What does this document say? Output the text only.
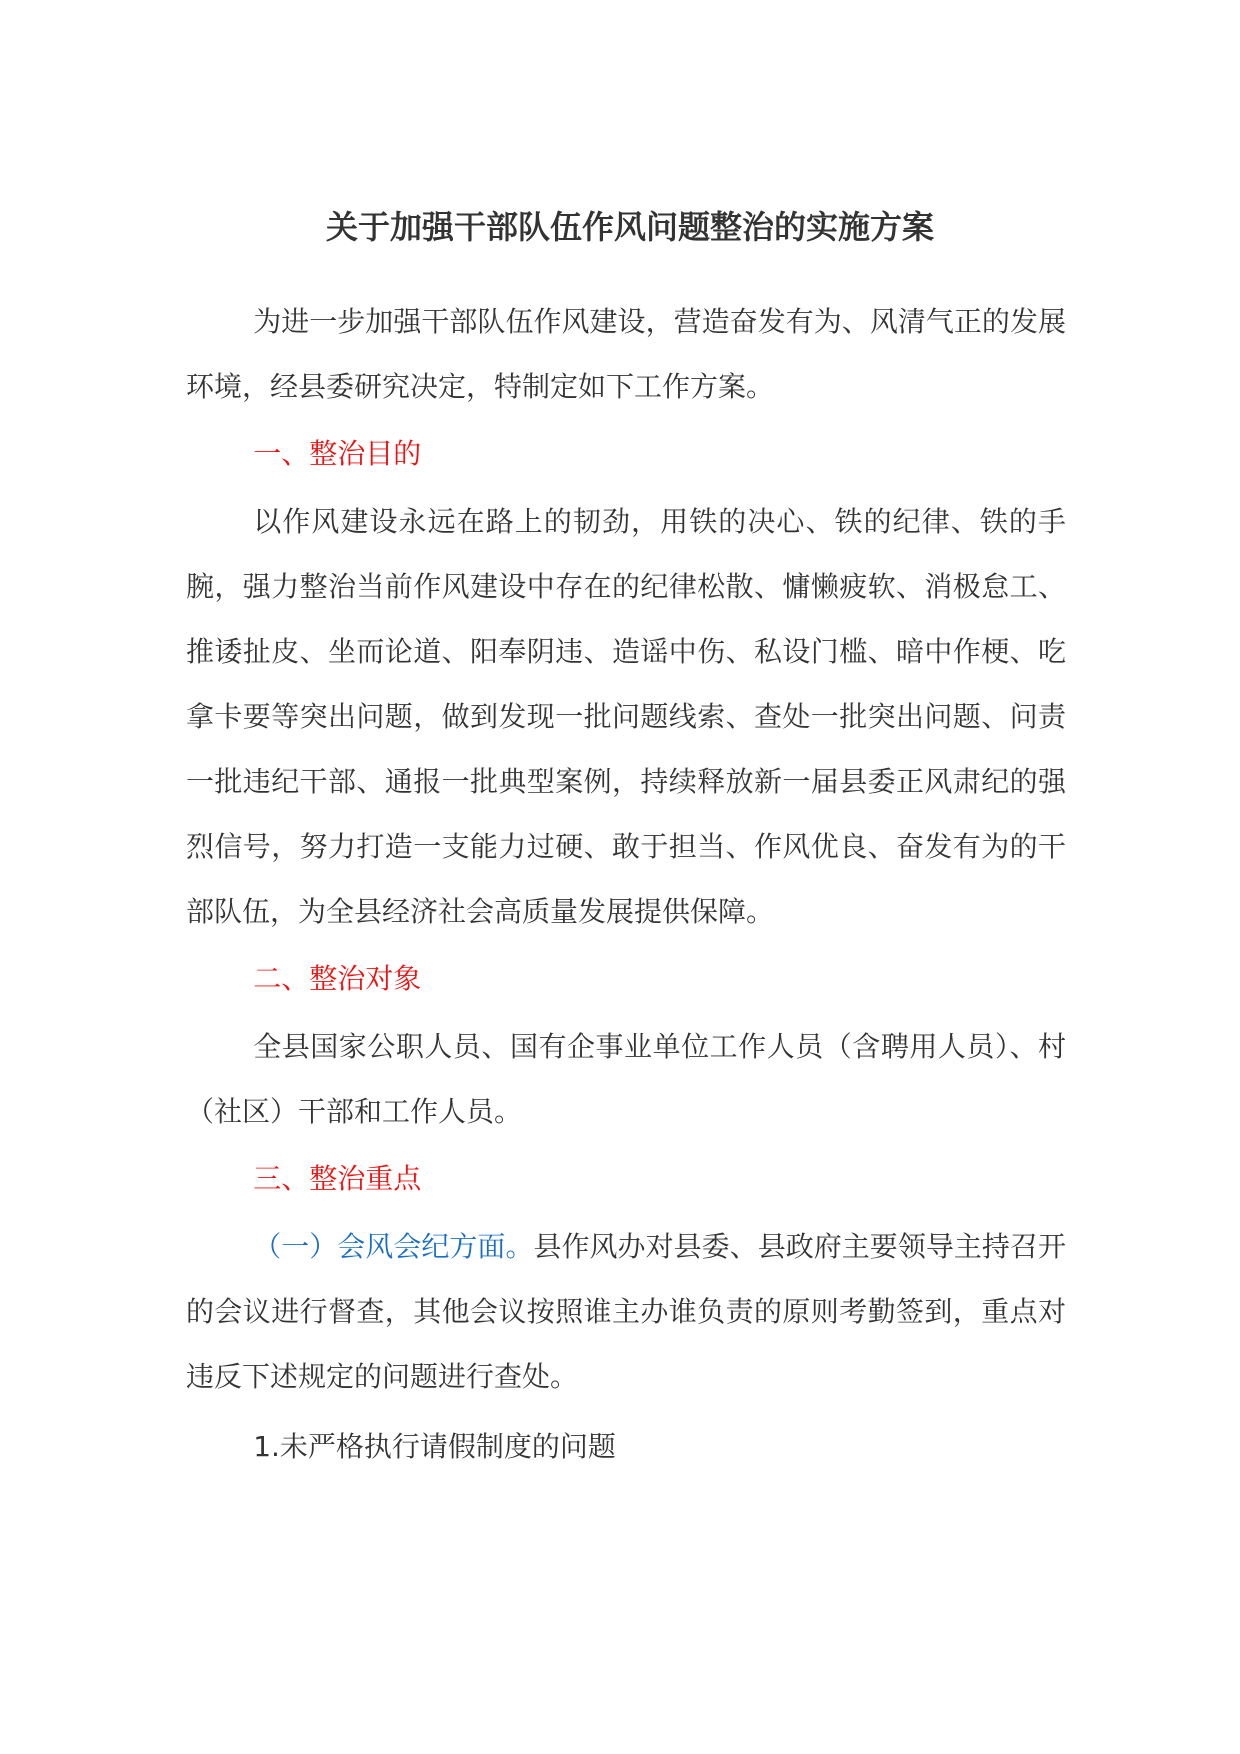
关于加强干部队伍作风问题整治的实施方案

为进一步加强干部队伍作风建设，营造奋发有为、风清气正的发展环境，经县委研究决定，特制定如下工作方案。

一、整治目的

以作风建设永远在路上的韧劲，用铁的决心、铁的纪律、铁的手腕，强力整治当前作风建设中存在的纪律松散、慵懒疲软、消极怠工、推诿扯皮、坐而论道、阳奉阴违、造谣中伤、私设门槛、暗中作梗、吃拿卡要等突出问题，做到发现一批问题线索、查处一批突出问题、问责一批违纪干部、通报一批典型案例，持续释放新一届县委正风肃纪的强烈信号，努力打造一支能力过硬、敢于担当、作风优良、奋发有为的干部队伍，为全县经济社会高质量发展提供保障。

二、整治对象

全县国家公职人员、国有企事业单位工作人员（含聘用人员）、村（社区）干部和工作人员。

三、整治重点

（一）会风会纪方面。县作风办对县委、县政府主要领导主持召开的会议进行督查，其他会议按照谁主办谁负责的原则考勤签到，重点对违反下述规定的问题进行查处。

1.未严格执行请假制度的问题
